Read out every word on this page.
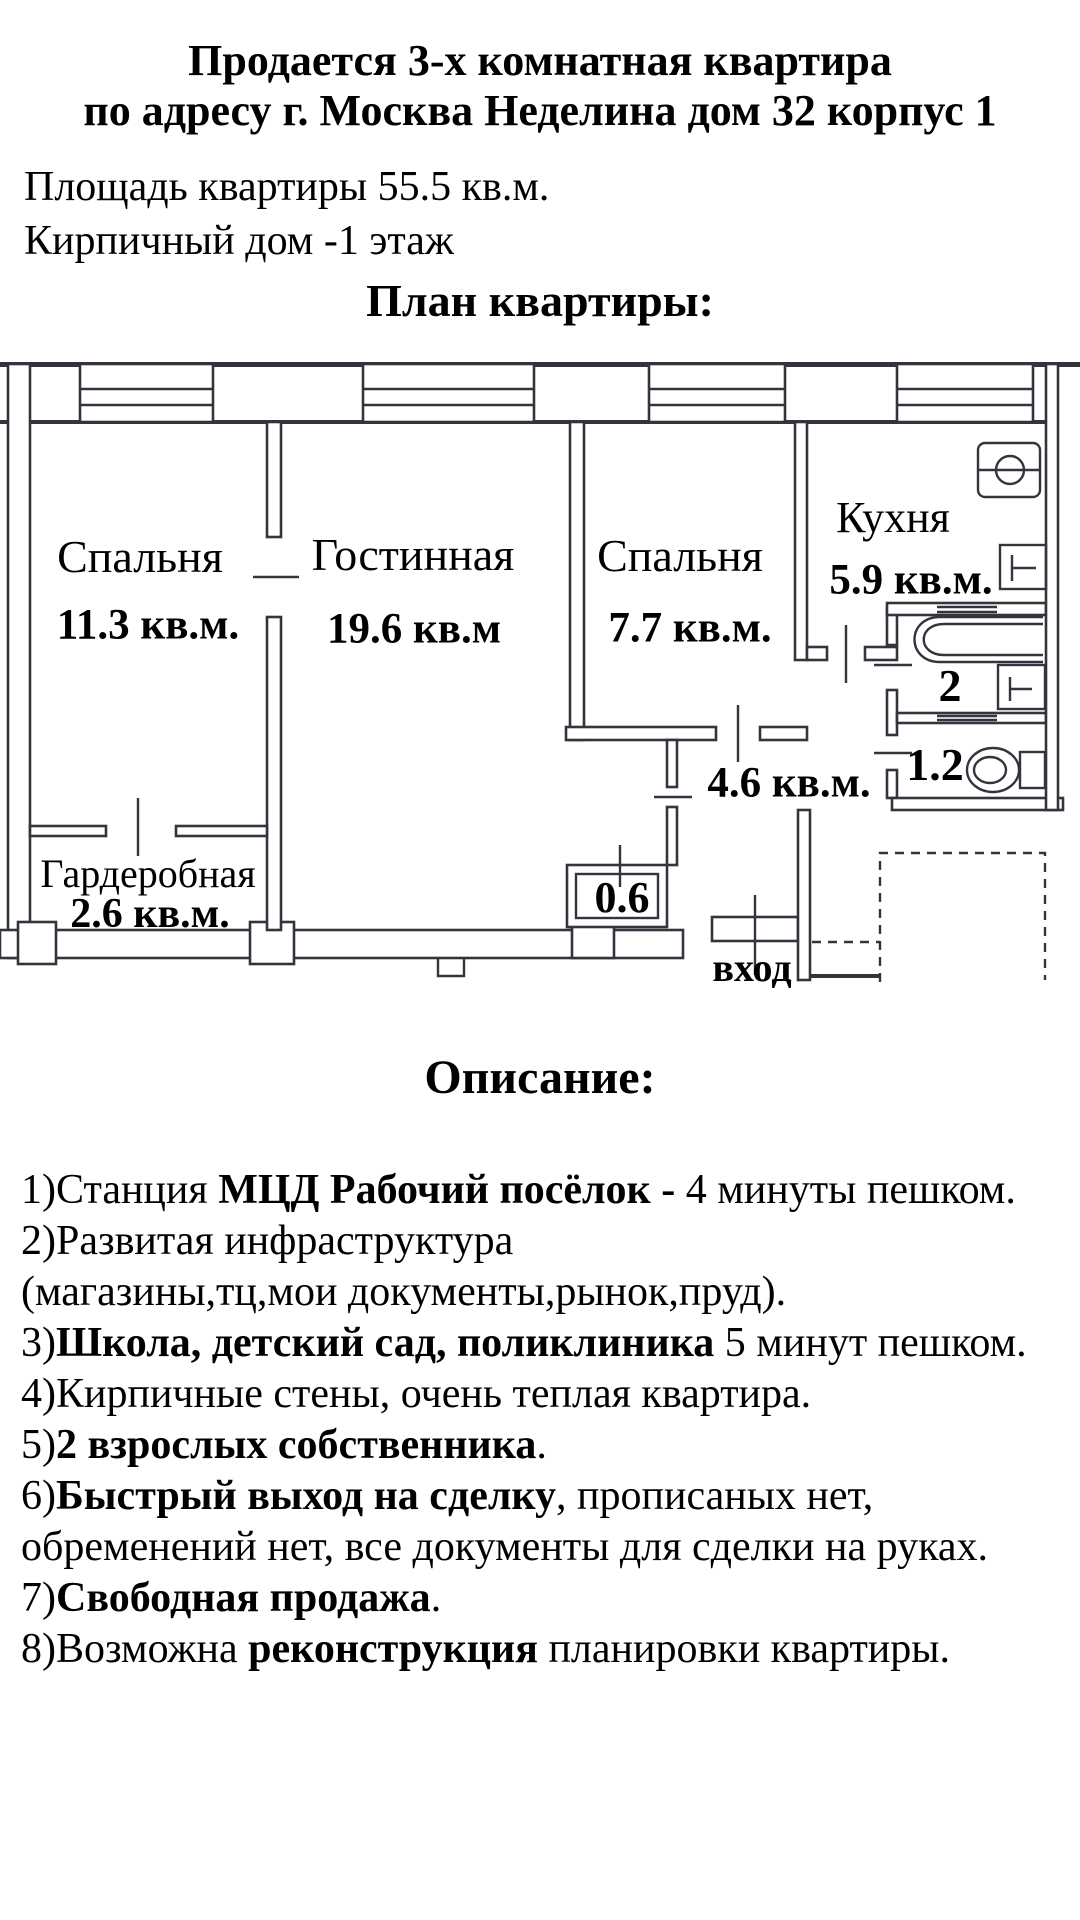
Продается 3-х комнатная квартира
по адресу г. Москва Неделина дом 32 корпус 1
Площадь квартиры 55.5 кв.м.
Кирпичный дом -1 этаж
План квартиры:
Спальня
11.3 кв.м.
Гостинная
19.6 кв.м
Спальня
7.7 кв.м.
Кухня
5.9 кв.м.
Гардеробная
2.6 кв.м.
2
1.2
4.6 кв.м.
0.6
вход
Описание:
1)Станция МЦД Рабочий посёлок - 4 минуты пешком.
2)Развитая инфраструктура
(магазины,тц,мои документы,рынок,пруд).
3)Школа, детский сад, поликлиника 5 минут пешком.
4)Кирпичные стены, очень теплая квартира.
5)2 взрослых собственника.
6)Быстрый выход на сделку, прописаных нет,
обременений нет, все документы для сделки на руках.
7)Свободная продажа.
8)Возможна реконструкция планировки квартиры.
